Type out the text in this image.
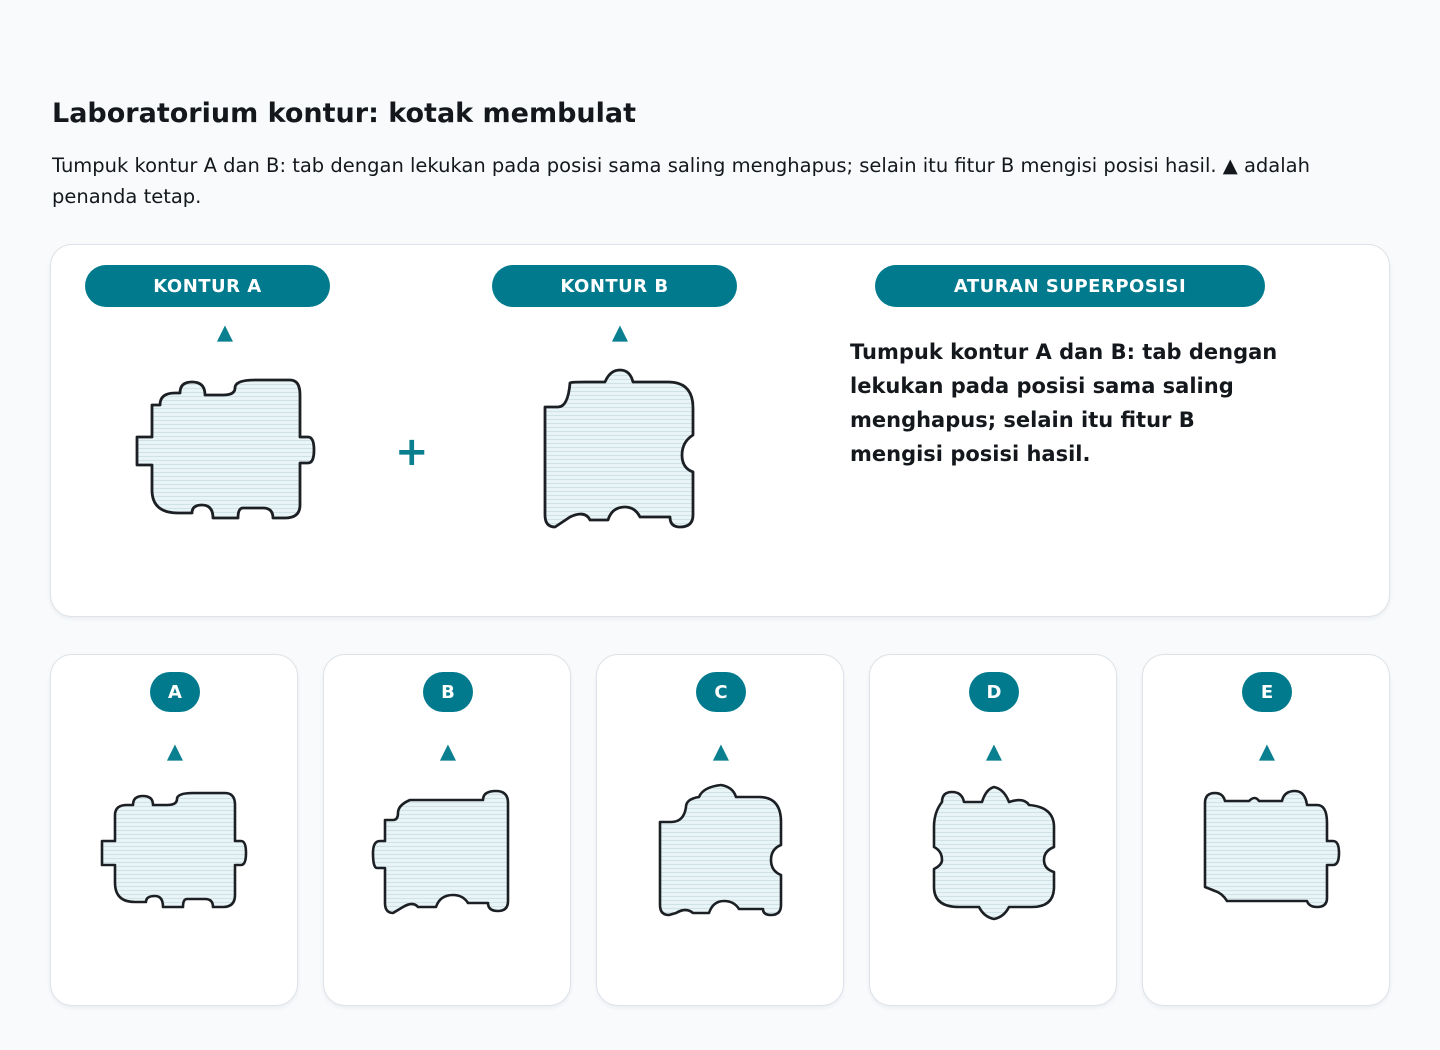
Laboratorium kontur: kotak membulat

Tumpuk kontur A dan B: tab dengan lekukan pada posisi sama saling menghapus; selain itu fitur B mengisi posisi hasil. ▲ adalah penanda tetap.

KONTUR A	KONTUR B	ATURAN SUPERPOSISI
▲	▲
+

Tumpuk kontur A dan B: tab dengan lekukan pada posisi sama saling menghapus; selain itu fitur B mengisi posisi hasil.

A
▲
B
▲
C
▲
D
▲
E
▲
